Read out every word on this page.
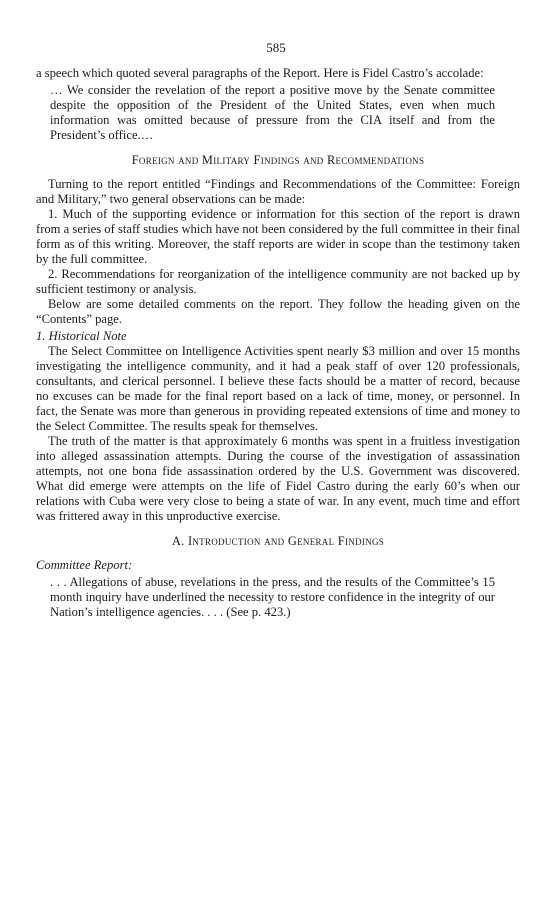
585

a speech which quoted several paragraphs of the Report. Here is Fidel Castro’s accolade:

… We consider the revelation of the report a positive move by the Senate committee despite the opposition of the President of the United States, even when much information was omitted because of pressure from the CIA itself and from the President’s office.…

Foreign and Military Findings and Recommendations

Turning to the report entitled “Findings and Recommendations of the Committee: Foreign and Military,” two general observations can be made:

1. Much of the supporting evidence or information for this section of the report is drawn from a series of staff studies which have not been considered by the full committee in their final form as of this writing. Moreover, the staff reports are wider in scope than the testimony taken by the full committee.

2. Recommendations for reorganization of the intelligence community are not backed up by sufficient testimony or analysis.

Below are some detailed comments on the report. They follow the heading given on the “Contents” page.

1. Historical Note

The Select Committee on Intelligence Activities spent nearly $3 million and over 15 months investigating the intelligence community, and it had a peak staff of over 120 professionals, consultants, and clerical personnel. I believe these facts should be a matter of record, because no excuses can be made for the final report based on a lack of time, money, or personnel. In fact, the Senate was more than generous in providing repeated extensions of time and money to the Select Committee. The results speak for themselves.

The truth of the matter is that approximately 6 months was spent in a fruitless investigation into alleged assassination attempts. During the course of the investigation of assassination attempts, not one bona fide assassination ordered by the U.S. Government was discovered. What did emerge were attempts on the life of Fidel Castro during the early 60’s when our relations with Cuba were very close to being a state of war. In any event, much time and effort was frittered away in this unproductive exercise.

A. Introduction and General Findings

Committee Report:

. . . Allegations of abuse, revelations in the press, and the results of the Committee’s 15 month inquiry have underlined the necessity to restore confidence in the integrity of our Nation’s intelligence agencies. . . . (See p. 423.)
